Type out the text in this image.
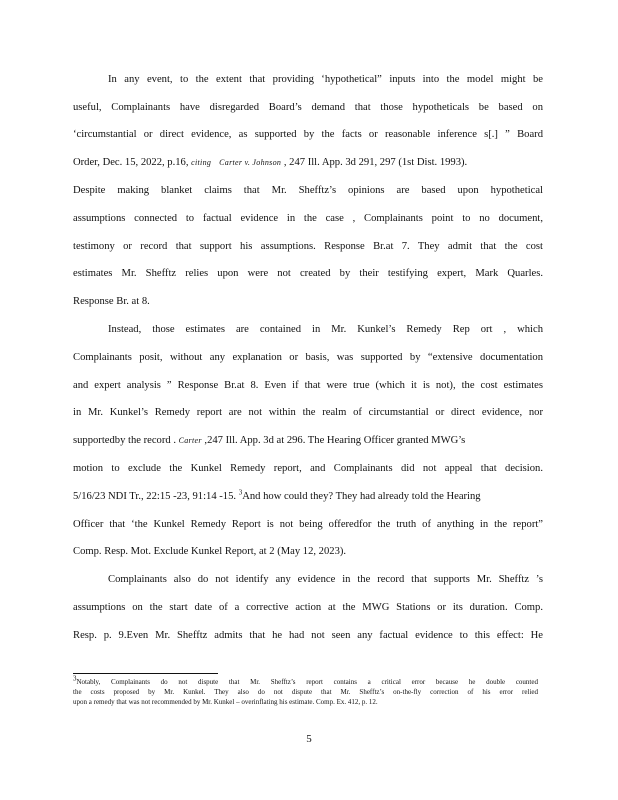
In any event, to the extent that providing ‘hypothetical” inputs into the model might be
useful, Complainants have disregarded Board’s demand that those hypotheticals be based on
‘circumstantial or direct evidence, as supported by the facts or reasonable inference s[.] ” Board
Order, Dec. 15, 2022, p.16, citing Carter v. Johnson , 247 Ill. App. 3d 291, 297 (1st Dist. 1993).
Despite making blanket claims that Mr. Shefftz’s opinions are based upon hypothetical
assumptions connected to factual evidence in the case , Complainants point to no document,
testimony or record that support his assumptions. Response Br.at 7. They admit that the cost
estimates Mr. Shefftz relies upon were not created by their testifying expert, Mark Quarles.
Response Br. at 8.
Instead, those estimates are contained in Mr. Kunkel’s Remedy Rep ort , which
Complainants posit, without any explanation or basis, was supported by “extensive documentation
and expert analysis ” Response Br.at 8. Even if that were true (which it is not), the cost estimates
in Mr. Kunkel’s Remedy report are not within the realm of circumstantial or direct evidence, nor
supportedby the record . Carter ,247 Ill. App. 3d at 296. The Hearing Officer granted MWG’s
motion to exclude the Kunkel Remedy report, and Complainants did not appeal that decision.
5/16/23 NDI Tr., 22:15 -23, 91:14 -15. $^3$And how could they? They had already told the Hearing
Officer that ‘the Kunkel Remedy Report is not being offeredfor the truth of anything in the report”
Comp. Resp. Mot. Exclude Kunkel Report, at 2 (May 12, 2023).
Complainants also do not identify any evidence in the record that supports Mr. Shefftz ’s
assumptions on the start date of a corrective action at the MWG Stations or its duration. Comp.
Resp. p. 9.Even Mr. Shefftz admits that he had not seen any factual evidence to this effect: He
$^3$Notably, Complainants do not dispute that Mr. Shefftz’s report contains a critical error because he double counted
the costs proposed by Mr. Kunkel. They also do not dispute that Mr. Shefftz’s on-the-fly correction of his error relied
upon a remedy that was not recommended by Mr. Kunkel – overinflating his estimate. Comp. Ex. 412, p. 12.
5
